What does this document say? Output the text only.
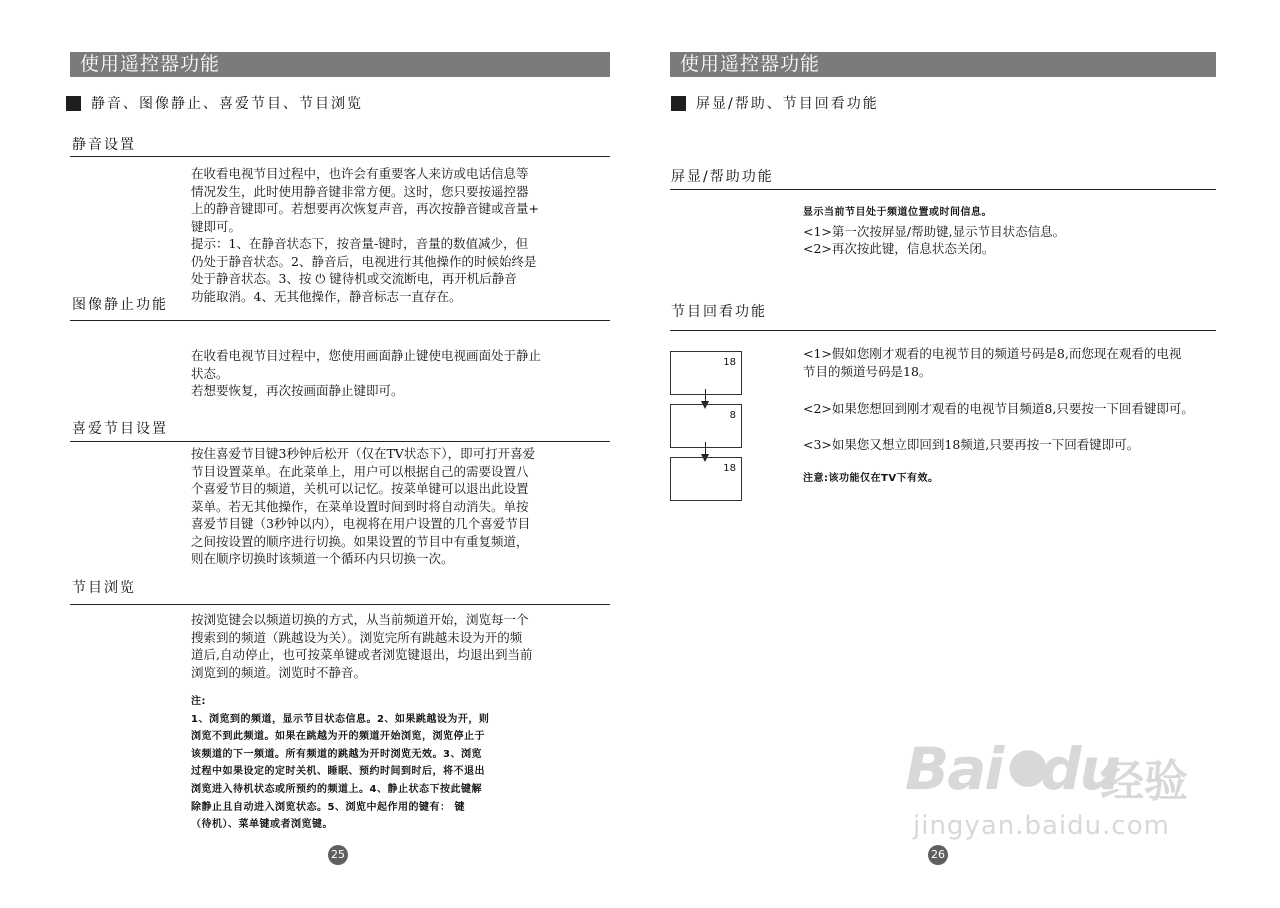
使用遥控器功能
静音、图像静止、喜爱节目、节目浏览
静音设置
在收看电视节目过程中，也许会有重要客人来访或电话信息等
情况发生，此时使用静音键非常方便。这时，您只要按遥控器
上的静音键即可。若想要再次恢复声音，再次按静音键或音量+
键即可。
提示：1、在静音状态下，按音量-键时，音量的数值减少，但
仍处于静音状态。2、静音后，电视进行其他操作的时候始终是
处于静音状态。3、按 ⏻ 键待机或交流断电，再开机后静音
功能取消。4、无其他操作，静音标志一直存在。
图像静止功能
在收看电视节目过程中，您使用画面静止键使电视画面处于静止
状态。
若想要恢复，再次按画面静止键即可。
喜爱节目设置
按住喜爱节目键3秒钟后松开（仅在TV状态下），即可打开喜爱
节目设置菜单。在此菜单上，用户可以根据自己的需要设置八
个喜爱节目的频道，关机可以记忆。按菜单键可以退出此设置
菜单。若无其他操作，在菜单设置时间到时将自动消失。单按
喜爱节目键（3秒钟以内），电视将在用户设置的几个喜爱节目
之间按设置的顺序进行切换。如果设置的节目中有重复频道，
则在顺序切换时该频道一个循环内只切换一次。
节目浏览
按浏览键会以频道切换的方式，从当前频道开始，浏览每一个
搜索到的频道（跳越设为关）。浏览完所有跳越未设为开的频
道后,自动停止，也可按菜单键或者浏览键退出，均退出到当前
浏览到的频道。浏览时不静音。
注:
1、浏览到的频道，显示节目状态信息。2、如果跳越设为开，则
浏览不到此频道。如果在跳越为开的频道开始浏览，浏览停止于
该频道的下一频道。所有频道的跳越为开时浏览无效。3、浏览
过程中如果设定的定时关机、睡眠、预约时间到时后，将不退出
浏览进入待机状态或所预约的频道上。4、静止状态下按此键解
除静止且自动进入浏览状态。5、浏览中起作用的键有： 键
（待机）、菜单键或者浏览键。
25
使用遥控器功能
屏显/帮助、节目回看功能
屏显/帮助功能
显示当前节目处于频道位置或时间信息。
<1>第一次按屏显/帮助键,显示节目状态信息。
<2>再次按此键，信息状态关闭。
节目回看功能
18
8
18
<1>假如您刚才观看的电视节目的频道号码是8,而您现在观看的电视
节目的频道号码是18。
<2>如果您想回到刚才观看的电视节目频道8,只要按一下回看键即可。
<3>如果您又想立即回到18频道,只要再按一下回看键即可。
注意:该功能仅在TV下有效。
26
Bai ●
du
经验
jingyan.baidu.com
